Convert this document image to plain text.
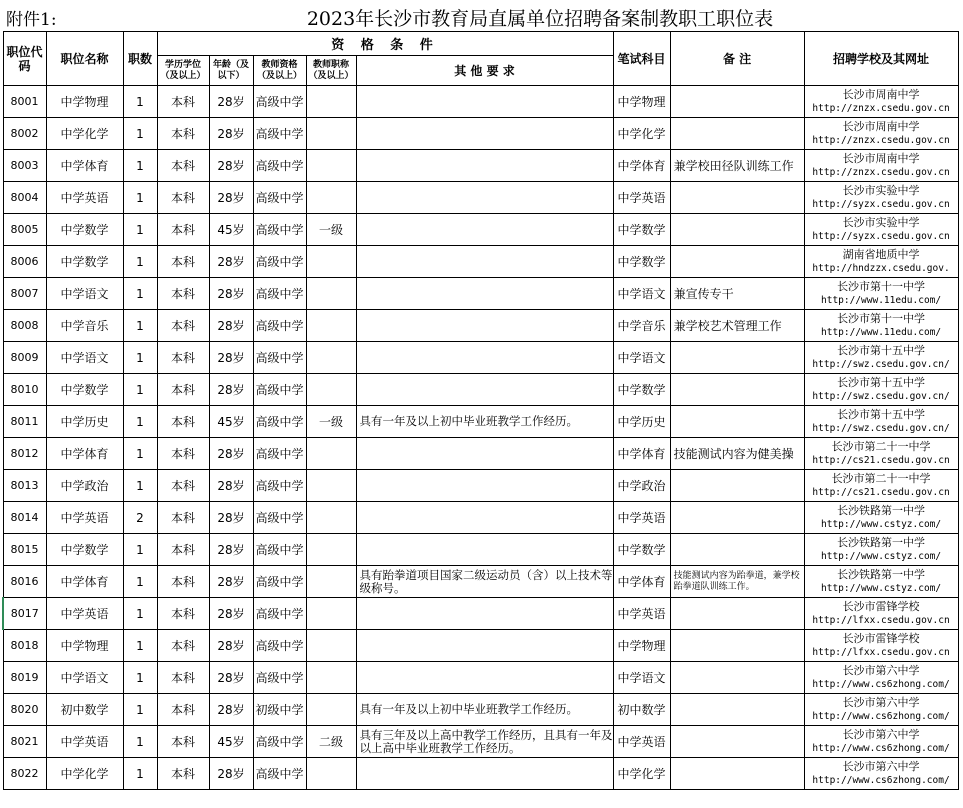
附件1:	2023年长沙市教育局直属单位招聘备案制教职工职位表
职位代码	职位名称	职数	资 格 条 件					笔试科目	备 注	招聘学校及其网址
			学历学位（及以上）	年龄（及以下）	教师资格（及以上）	教师职称（及以上）	其 他 要 求			
8001	中学物理	1	本科	28岁	高级中学			中学物理		长沙市周南中学
http://znzx.csedu.gov.cn

8002	中学化学	1	本科	28岁	高级中学			中学化学		长沙市周南中学
http://znzx.csedu.gov.cn

8003	中学体育	1	本科	28岁	高级中学			中学体育	兼学校田径队训练工作	长沙市周南中学
http://znzx.csedu.gov.cn

8004	中学英语	1	本科	28岁	高级中学			中学英语		长沙市实验中学
http://syzx.csedu.gov.cn

8005	中学数学	1	本科	45岁	高级中学	一级		中学数学		长沙市实验中学
http://syzx.csedu.gov.cn

8006	中学数学	1	本科	28岁	高级中学			中学数学		湖南省地质中学
http://hndzzx.csedu.gov.

8007	中学语文	1	本科	28岁	高级中学			中学语文	兼宣传专干	长沙市第十一中学
http://www.11edu.com/

8008	中学音乐	1	本科	28岁	高级中学			中学音乐	兼学校艺术管理工作	长沙市第十一中学
http://www.11edu.com/

8009	中学语文	1	本科	28岁	高级中学			中学语文		长沙市第十五中学
http://swz.csedu.gov.cn/

8010	中学数学	1	本科	28岁	高级中学			中学数学		长沙市第十五中学
http://swz.csedu.gov.cn/

8011	中学历史	1	本科	45岁	高级中学	一级	具有一年及以上初中毕业班教学工作经历。	中学历史		长沙市第十五中学
http://swz.csedu.gov.cn/

8012	中学体育	1	本科	28岁	高级中学			中学体育	技能测试内容为健美操	长沙市第二十一中学
http://cs21.csedu.gov.cn

8013	中学政治	1	本科	28岁	高级中学			中学政治		长沙市第二十一中学
http://cs21.csedu.gov.cn

8014	中学英语	2	本科	28岁	高级中学			中学英语		长沙铁路第一中学
http://www.cstyz.com/

8015	中学数学	1	本科	28岁	高级中学			中学数学		长沙铁路第一中学
http://www.cstyz.com/

8016	中学体育	1	本科	28岁	高级中学		具有跆拳道项目国家二级运动员（含）以上技术等级称号。	中学体育	技能测试内容为跆拳道，兼学校跆拳道队训练工作。	长沙铁路第一中学
http://www.cstyz.com/

8017	中学英语	1	本科	28岁	高级中学			中学英语		长沙市雷锋学校
http://lfxx.csedu.gov.cn

8018	中学物理	1	本科	28岁	高级中学			中学物理		长沙市雷锋学校
http://lfxx.csedu.gov.cn

8019	中学语文	1	本科	28岁	高级中学			中学语文		长沙市第六中学
http://www.cs6zhong.com/

8020	初中数学	1	本科	28岁	初级中学		具有一年及以上初中毕业班教学工作经历。	初中数学		长沙市第六中学
http://www.cs6zhong.com/

8021	中学英语	1	本科	45岁	高级中学	二级	具有三年及以上高中教学工作经历，且具有一年及以上高中毕业班教学工作经历。	中学英语		长沙市第六中学
http://www.cs6zhong.com/

8022	中学化学	1	本科	28岁	高级中学			中学化学		长沙市第六中学
http://www.cs6zhong.com/
